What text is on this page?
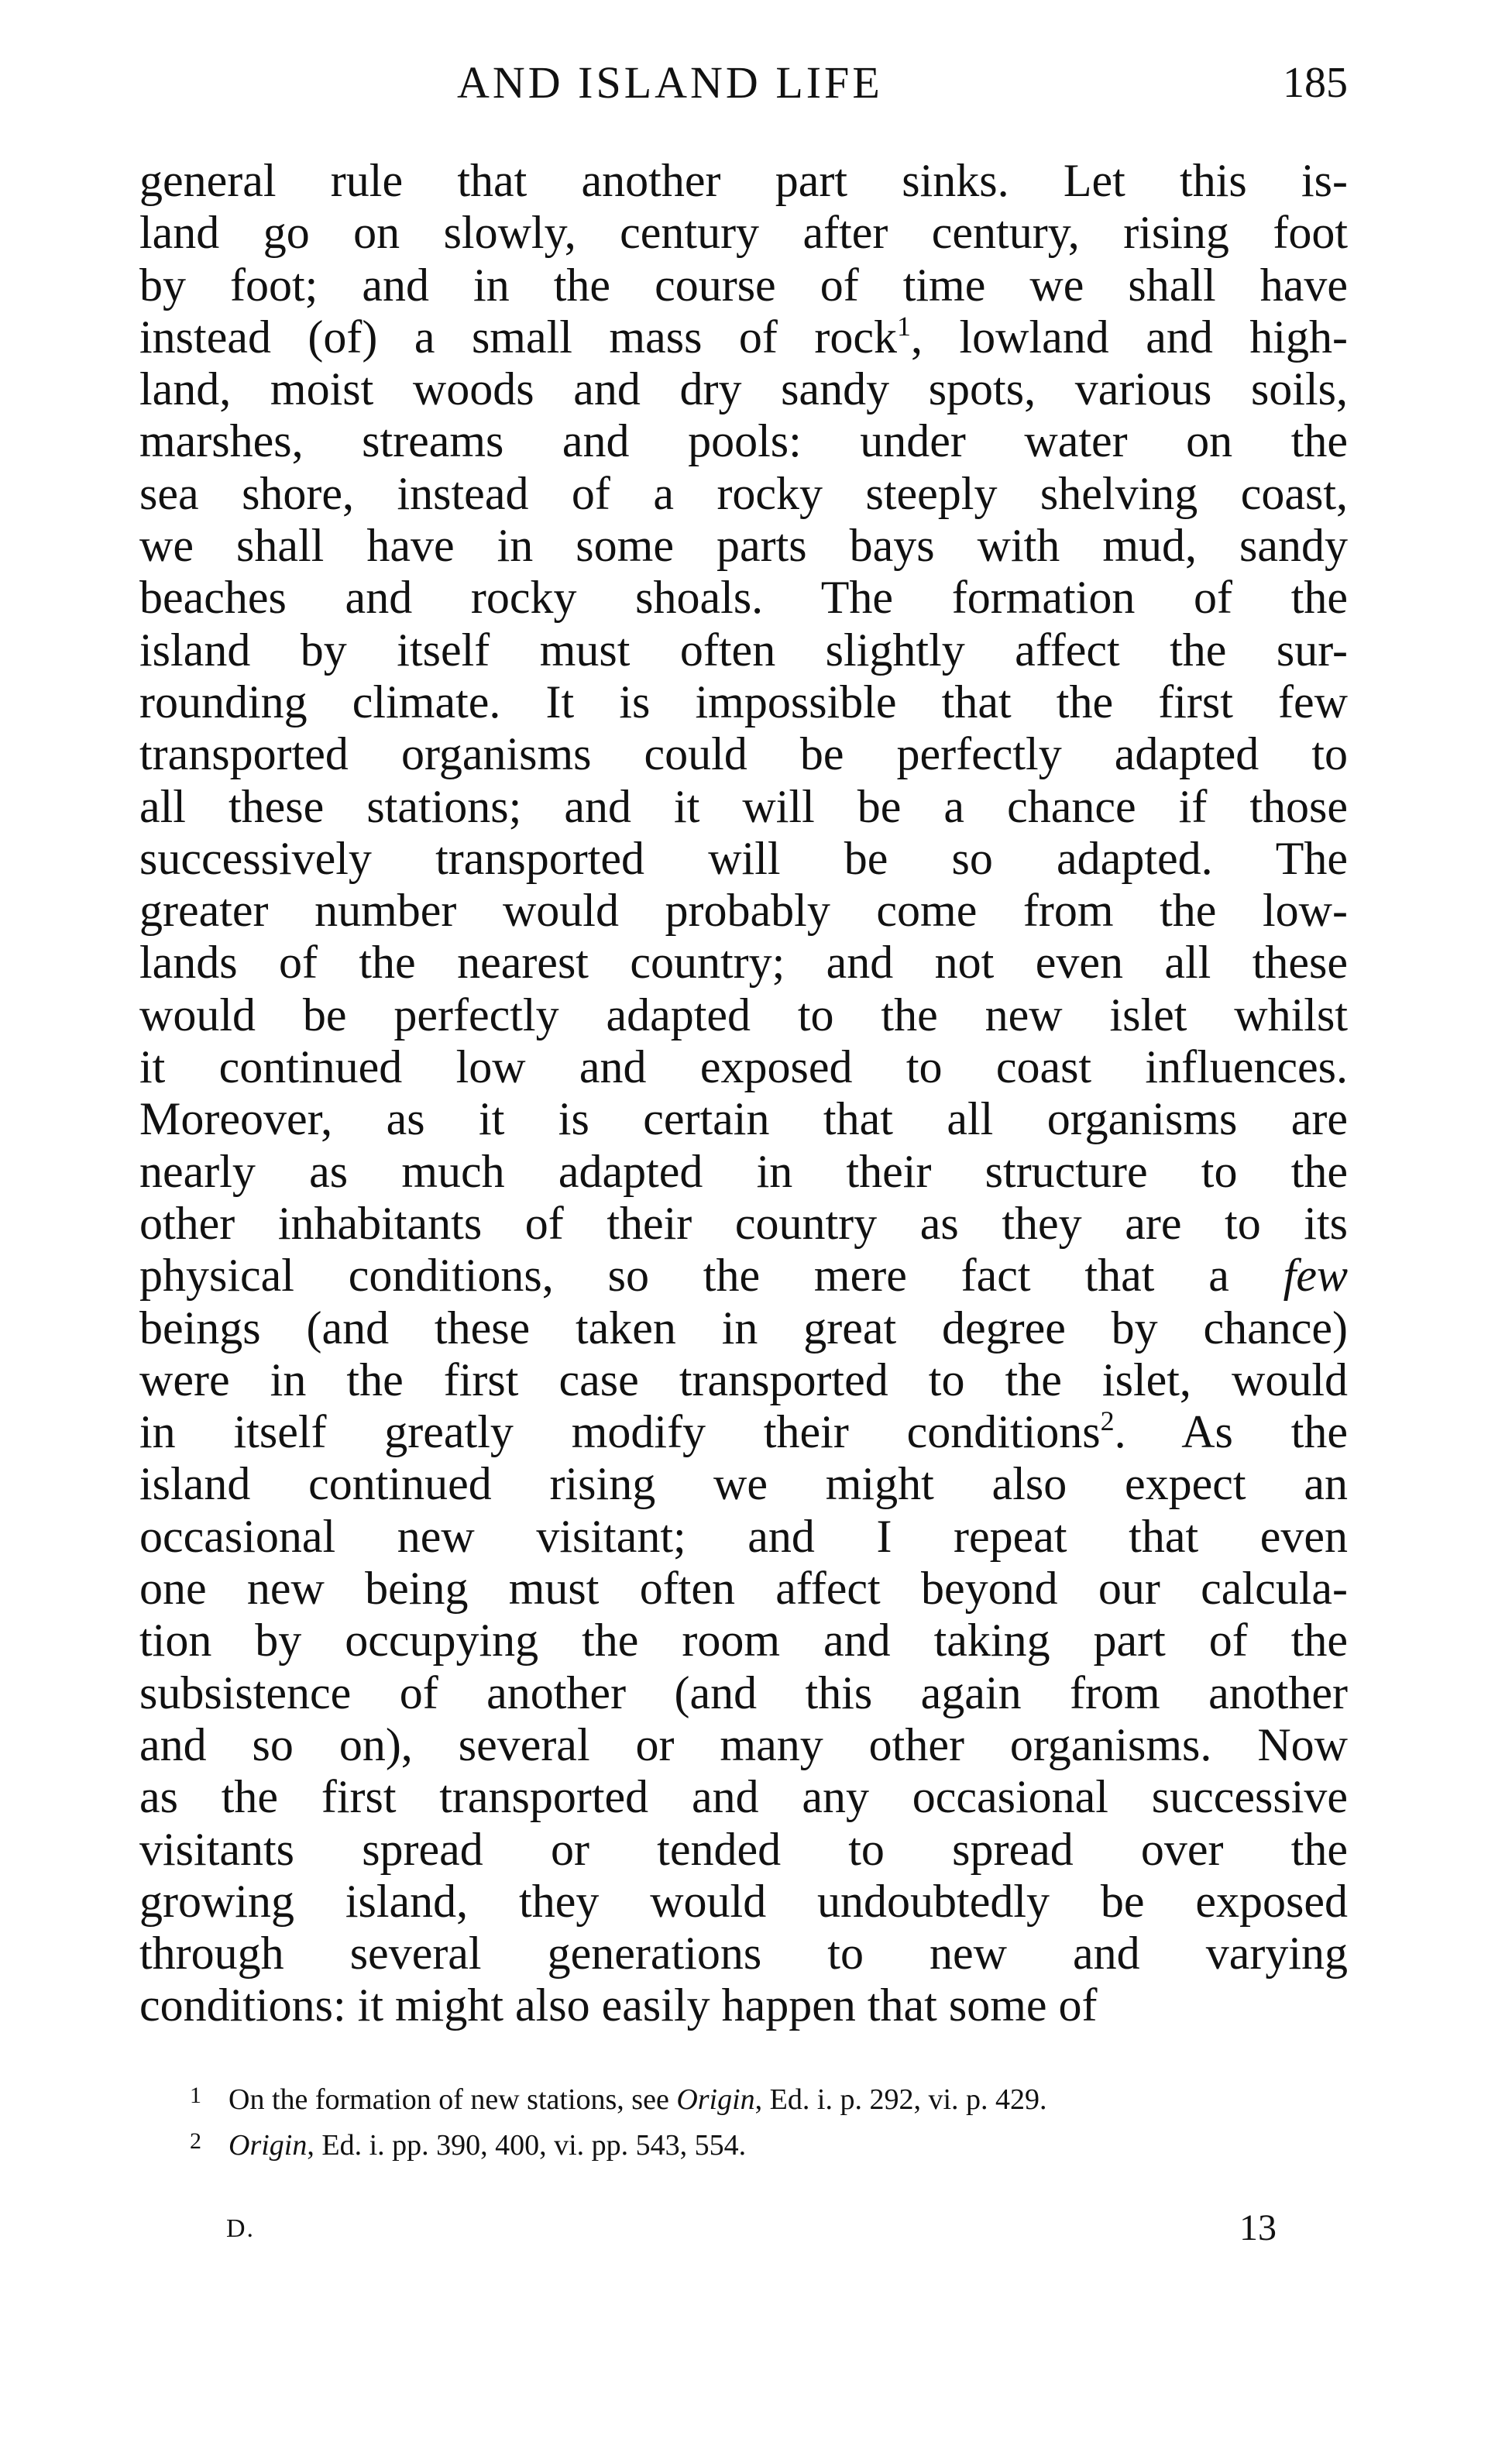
AND ISLAND LIFE	185
general rule that another part sinks. Let this is-
land go on slowly, century after century, rising foot
by foot; and in the course of time we shall have
instead (of) a small mass of rock$^1$, lowland and high-
land, moist woods and dry sandy spots, various soils,
marshes, streams and pools: under water on the
sea shore, instead of a rocky steeply shelving coast,
we shall have in some parts bays with mud, sandy
beaches and rocky shoals. The formation of the
island by itself must often slightly affect the sur-
rounding climate. It is impossible that the first few
transported organisms could be perfectly adapted to
all these stations; and it will be a chance if those
successively transported will be so adapted. The
greater number would probably come from the low-
lands of the nearest country; and not even all these
would be perfectly adapted to the new islet whilst
it continued low and exposed to coast influences.
Moreover, as it is certain that all organisms are
nearly as much adapted in their structure to the
other inhabitants of their country as they are to its
physical conditions, so the mere fact that a few
beings (and these taken in great degree by chance)
were in the first case transported to the islet, would
in itself greatly modify their conditions$^2$. As the
island continued rising we might also expect an
occasional new visitant; and I repeat that even
one new being must often affect beyond our calcula-
tion by occupying the room and taking part of the
subsistence of another (and this again from another
and so on), several or many other organisms. Now
as the first transported and any occasional successive
visitants spread or tended to spread over the
growing island, they would undoubtedly be exposed
through several generations to new and varying
conditions: it might also easily happen that some of
1 On the formation of new stations, see Origin, Ed. i. p. 292, vi. p. 429.
2 Origin, Ed. i. pp. 390, 400, vi. pp. 543, 554.
D.	13
